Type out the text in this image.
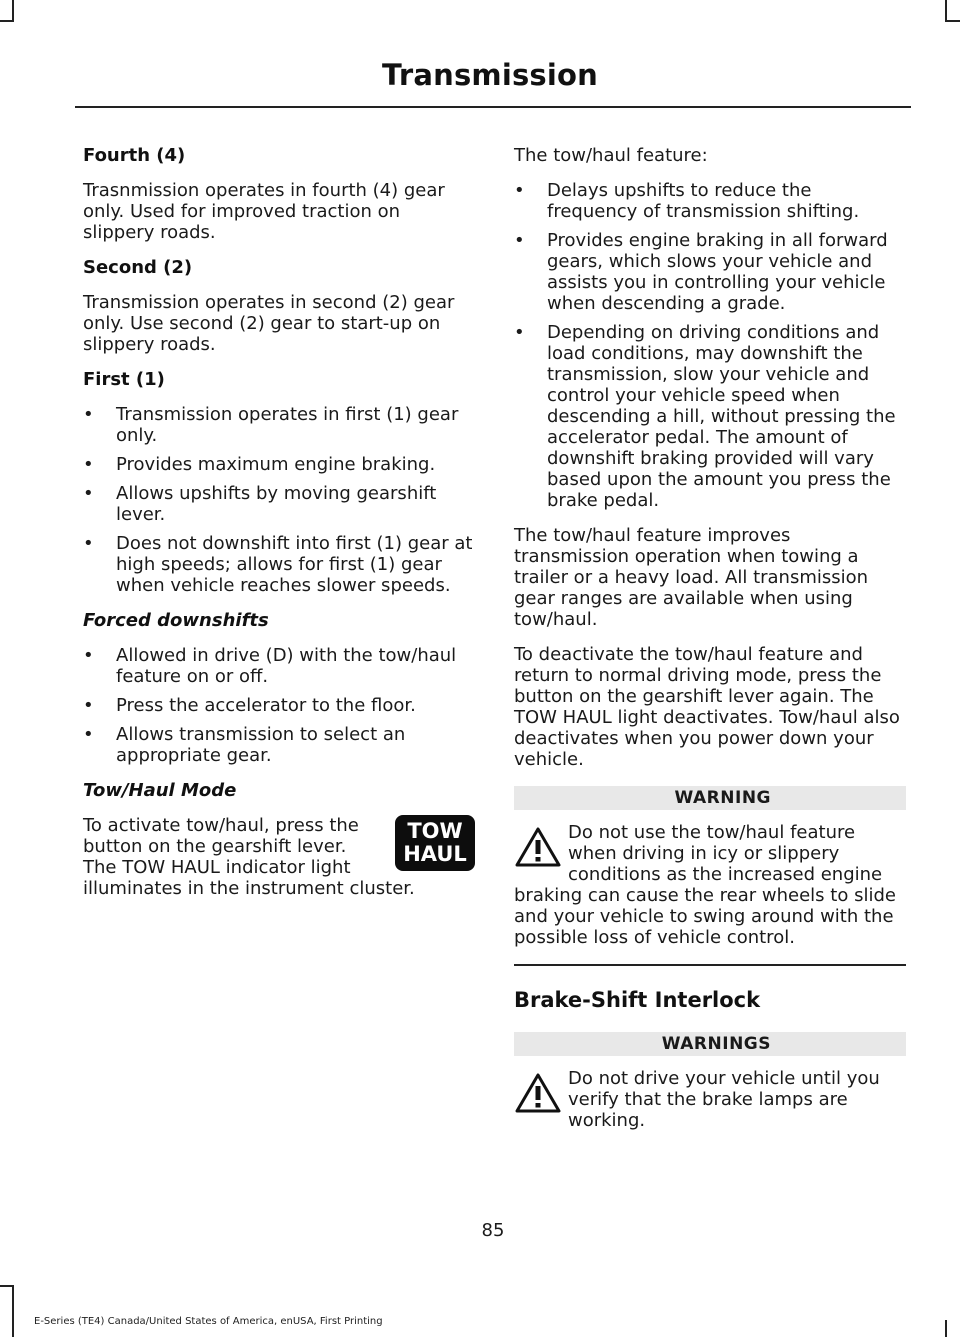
Transmission

Fourth (4)

Trasnmission operates in fourth (4) gear only. Used for improved traction on slippery roads.

Second (2)

Transmission operates in second (2) gear only. Use second (2) gear to start-up on slippery roads.

First (1)

• Transmission operates in first (1) gear only.
• Provides maximum engine braking.
• Allows upshifts by moving gearshift lever.
• Does not downshift into first (1) gear at high speeds; allows for first (1) gear when vehicle reaches slower speeds.

Forced downshifts

• Allowed in drive (D) with the tow/haul feature on or off.
• Press the accelerator to the floor.
• Allows transmission to select an appropriate gear.

Tow/Haul Mode

TOW
HAUL

To activate tow/haul, press the button on the gearshift lever. The TOW HAUL indicator light illuminates in the instrument cluster.

The tow/haul feature:

• Delays upshifts to reduce the frequency of transmission shifting.
• Provides engine braking in all forward gears, which slows your vehicle and assists you in controlling your vehicle when descending a grade.
• Depending on driving conditions and load conditions, may downshift the transmission, slow your vehicle and control your vehicle speed when descending a hill, without pressing the accelerator pedal. The amount of downshift braking provided will vary based upon the amount you press the brake pedal.

The tow/haul feature improves transmission operation when towing a trailer or a heavy load. All transmission gear ranges are available when using tow/haul.

To deactivate the tow/haul feature and return to normal driving mode, press the button on the gearshift lever again. The TOW HAUL light deactivates. Tow/haul also deactivates when you power down your vehicle.

WARNING

Do not use the tow/haul feature when driving in icy or slippery conditions as the increased engine braking can cause the rear wheels to slide and your vehicle to swing around with the possible loss of vehicle control.

Brake-Shift Interlock
WARNINGS

Do not drive your vehicle until you verify that the brake lamps are working.

85
E-Series (TE4) Canada/United States of America, enUSA, First Printing
